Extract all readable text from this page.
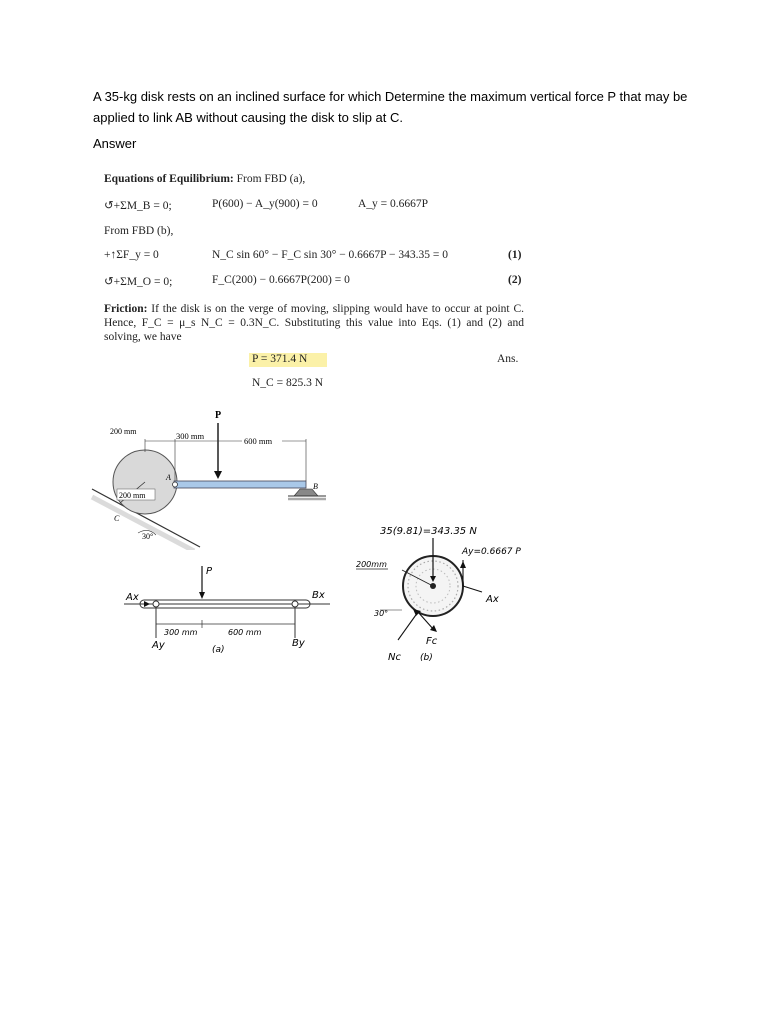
A 35-kg disk rests on an inclined surface for which Determine the maximum vertical force P that may be applied to link AB without causing the disk to slip at C.
Answer
Equations of Equilibrium: From FBD (a),
↺+ΣM_B = 0;	P(600) − A_y(900) = 0	A_y = 0.6667P
From FBD (b),
+↑ΣF_y = 0	N_C sin 60° − F_C sin 30° − 0.6667P − 343.35 = 0	(1)
↺+ΣM_O = 0;	F_C(200) − 0.6667P(200) = 0	(2)
Friction: If the disk is on the verge of moving, slipping would have to occur at point C. Hence, F_C = μ_s N_C = 0.3N_C. Substituting this value into Eqs. (1) and (2) and solving, we have
P = 371.4 N	Ans.
N_C = 825.3 N
P
200 mm	300 mm	600 mm
A
B
200 mm
C
30°
P
Ax	Bx
300 mm	600 mm
Ay	By
(a)
35(9.81)=343.35 N
Ay=0.6667 P
Ax
200mm
30°
Fc
Nc (b)
